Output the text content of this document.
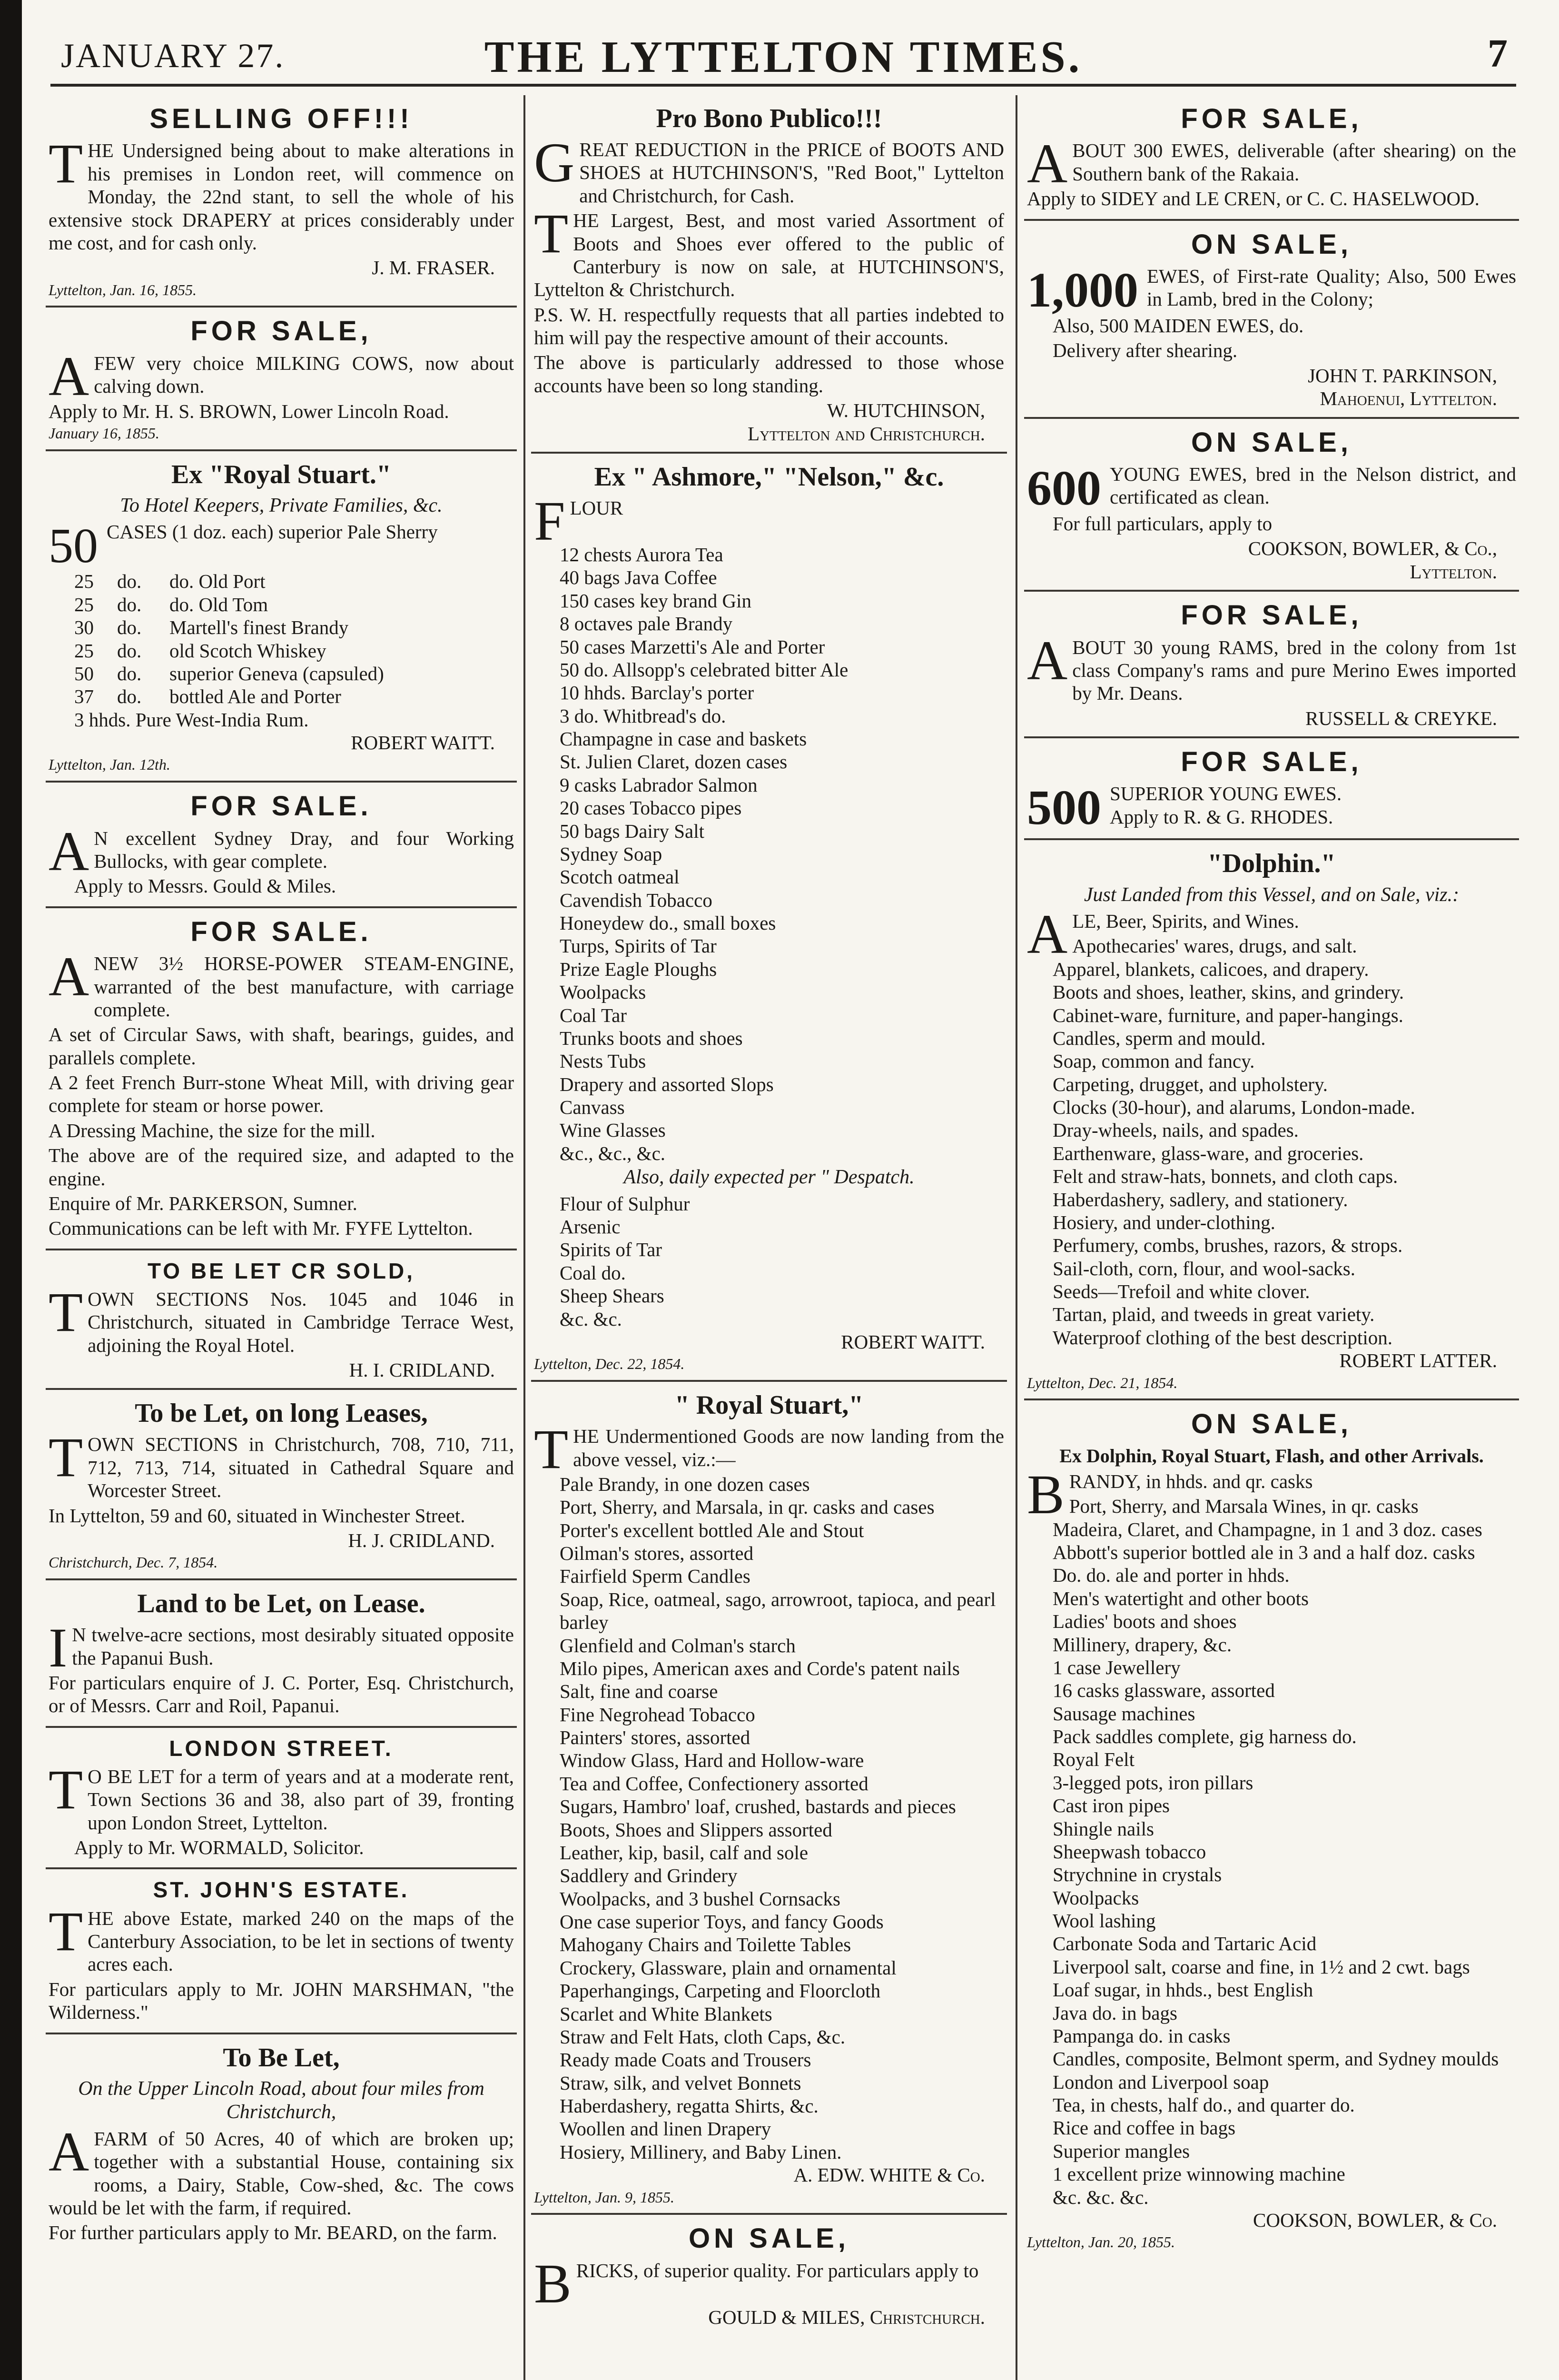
JANUARY 27.	THE LYTTELTON TIMES.	7
SELLING OFF!!!

THE Undersigned being about to make alterations in his premises in London reet, will commence on Monday, the 22nd stant, to sell the whole of his extensive stock DRAPERY at prices considerably under me cost, and for cash only.

J. M. FRASER.
Lyttelton, Jan. 16, 1855.
FOR SALE,

AFEW very choice MILKING COWS, now about calving down.

Apply to Mr. H. S. BROWN, Lower Lincoln Road.

January 16, 1855.
Ex "Royal Stuart."
To Hotel Keepers, Private Families, &c.

50 CASES (1 doz. each) superior Pale Sherry

25	do.	do. Old Port
25	do.	do. Old Tom
30	do.	Martell's finest Brandy
25	do.	old Scotch Whiskey
50	do.	superior Geneva (capsuled)
37	do.	bottled Ale and Porter
3 hhds. Pure West-India Rum.
ROBERT WAITT.
Lyttelton, Jan. 12th.
FOR SALE.

A N excellent Sydney Dray, and four Working Bullocks, with gear complete.

Apply to Messrs. Gould & Miles.

FOR SALE.

ANEW 3½ HORSE-POWER STEAM-ENGINE, warranted of the best manufacture, with carriage complete.

A set of Circular Saws, with shaft, bearings, guides, and parallels complete.

A 2 feet French Burr-stone Wheat Mill, with driving gear complete for steam or horse power.

A Dressing Machine, the size for the mill.

The above are of the required size, and adapted to the engine.

Enquire of Mr. PARKERSON, Sumner.

Communications can be left with Mr. FYFE Lyttelton.

TO BE LET CR SOLD,

TOWN SECTIONS Nos. 1045 and 1046 in Christchurch, situated in Cambridge Terrace West, adjoining the Royal Hotel.

H. I. CRIDLAND.
To be Let, on long Leases,

TOWN SECTIONS in Christchurch, 708, 710, 711, 712, 713, 714, situated in Cathedral Square and Worcester Street.

In Lyttelton, 59 and 60, situated in Winchester Street.

H. J. CRIDLAND.
Christchurch, Dec. 7, 1854.
Land to be Let, on Lease.

I N twelve-acre sections, most desirably situated opposite the Papanui Bush.

For particulars enquire of J. C. Porter, Esq. Christchurch, or of Messrs. Carr and Roil, Papanui.

LONDON STREET.

T O BE LET for a term of years and at a moderate rent, Town Sections 36 and 38, also part of 39, fronting upon London Street, Lyttelton.

Apply to Mr. WORMALD, Solicitor.

ST. JOHN'S ESTATE.

THE above Estate, marked 240 on the maps of the Canterbury Association, to be let in sections of twenty acres each.

For particulars apply to Mr. JOHN MARSHMAN, "the Wilderness."

To Be Let,
On the Upper Lincoln Road, about four miles from Christchurch,

AFARM of 50 Acres, 40 of which are broken up; together with a substantial House, containing six rooms, a Dairy, Stable, Cow-shed, &c. The cows would be let with the farm, if required.

For further particulars apply to Mr. BEARD, on the farm.

Pro Bono Publico!!!

GREAT REDUCTION in the PRICE of BOOTS AND SHOES at HUTCHINSON'S, "Red Boot," Lyttelton and Christchurch, for Cash.

THE Largest, Best, and most varied Assortment of Boots and Shoes ever offered to the public of Canterbury is now on sale, at HUTCHINSON'S, Lyttelton & Christchurch.

P.S. W. H. respectfully requests that all parties indebted to him will pay the respective amount of their accounts.

The above is particularly addressed to those whose accounts have been so long standing.

W. HUTCHINSON,
Lyttelton and Christchurch.
Ex " Ashmore," "Nelson," &c.

FLOUR

12 chests Aurora Tea
40 bags Java Coffee
150 cases key brand Gin
8 octaves pale Brandy
50 cases Marzetti's Ale and Porter
50 do. Allsopp's celebrated bitter Ale
10 hhds. Barclay's porter
3 do. Whitbread's do.
Champagne in case and baskets
St. Julien Claret, dozen cases
9 casks Labrador Salmon
20 cases Tobacco pipes
50 bags Dairy Salt
Sydney Soap
Scotch oatmeal
Cavendish Tobacco
Honeydew do., small boxes
Turps, Spirits of Tar
Prize Eagle Ploughs
Woolpacks
Coal Tar
Trunks boots and shoes
Nests Tubs
Drapery and assorted Slops
Canvass
Wine Glasses
&c., &c., &c.
Also, daily expected per " Despatch.
Flour of Sulphur
Arsenic
Spirits of Tar
Coal do.
Sheep Shears
&c. &c.
ROBERT WAITT.
Lyttelton, Dec. 22, 1854.
" Royal Stuart,"

THE Undermentioned Goods are now landing from the above vessel, viz.:—

Pale Brandy, in one dozen cases
Port, Sherry, and Marsala, in qr. casks and cases
Porter's excellent bottled Ale and Stout
Oilman's stores, assorted
Fairfield Sperm Candles
Soap, Rice, oatmeal, sago, arrowroot, tapioca, and pearl barley
Glenfield and Colman's starch
Milo pipes, American axes and Corde's patent nails
Salt, fine and coarse
Fine Negrohead Tobacco
Painters' stores, assorted
Window Glass, Hard and Hollow-ware
Tea and Coffee, Confectionery assorted
Sugars, Hambro' loaf, crushed, bastards and pieces
Boots, Shoes and Slippers assorted
Leather, kip, basil, calf and sole
Saddlery and Grindery
Woolpacks, and 3 bushel Cornsacks
One case superior Toys, and fancy Goods
Mahogany Chairs and Toilette Tables
Crockery, Glassware, plain and ornamental
Paperhangings, Carpeting and Floorcloth
Scarlet and White Blankets
Straw and Felt Hats, cloth Caps, &c.
Ready made Coats and Trousers
Straw, silk, and velvet Bonnets
Haberdashery, regatta Shirts, &c.
Woollen and linen Drapery
Hosiery, Millinery, and Baby Linen.
A. EDW. WHITE & Co.
Lyttelton, Jan. 9, 1855.
ON SALE,

BRICKS, of superior quality. For particulars apply to

GOULD & MILES, Christchurch.
FOR SALE,

ABOUT 300 EWES, deliverable (after shearing) on the Southern bank of the Rakaia.

Apply to SIDEY and LE CREN, or C. C. HASELWOOD.

ON SALE,

1,000 EWES, of First-rate Quality; Also, 500 Ewes in Lamb, bred in the Colony;

Also, 500 MAIDEN EWES, do.

Delivery after shearing.

JOHN T. PARKINSON,
Mahoenui, Lyttelton.
ON SALE,

600 YOUNG EWES, bred in the Nelson district, and certificated as clean.

For full particulars, apply to

COOKSON, BOWLER, & Co.,
Lyttelton.
FOR SALE,

ABOUT 30 young RAMS, bred in the colony from 1st class Company's rams and pure Merino Ewes imported by Mr. Deans.

RUSSELL & CREYKE.
FOR SALE,

500 SUPERIOR YOUNG EWES.
Apply to R. & G. RHODES.

"Dolphin."
Just Landed from this Vessel, and on Sale, viz.:

ALE, Beer, Spirits, and Wines.

Apothecaries' wares, drugs, and salt.
Apparel, blankets, calicoes, and drapery.
Boots and shoes, leather, skins, and grindery.
Cabinet-ware, furniture, and paper-hangings.
Candles, sperm and mould.
Soap, common and fancy.
Carpeting, drugget, and upholstery.
Clocks (30-hour), and alarums, London-made.
Dray-wheels, nails, and spades.
Earthenware, glass-ware, and groceries.
Felt and straw-hats, bonnets, and cloth caps.
Haberdashery, sadlery, and stationery.
Hosiery, and under-clothing.
Perfumery, combs, brushes, razors, & strops.
Sail-cloth, corn, flour, and wool-sacks.
Seeds—Trefoil and white clover.
Tartan, plaid, and tweeds in great variety.
Waterproof clothing of the best description.
ROBERT LATTER.
Lyttelton, Dec. 21, 1854.
ON SALE,
Ex Dolphin, Royal Stuart, Flash, and other Arrivals.

BRANDY, in hhds. and qr. casks

Port, Sherry, and Marsala Wines, in qr. casks
Madeira, Claret, and Champagne, in 1 and 3 doz. cases
Abbott's superior bottled ale in 3 and a half doz. casks
Do. do. ale and porter in hhds.
Men's watertight and other boots
Ladies' boots and shoes
Millinery, drapery, &c.
1 case Jewellery
16 casks glassware, assorted
Sausage machines
Pack saddles complete, gig harness do.
Royal Felt
3-legged pots, iron pillars
Cast iron pipes
Shingle nails
Sheepwash tobacco
Strychnine in crystals
Woolpacks
Wool lashing
Carbonate Soda and Tartaric Acid
Liverpool salt, coarse and fine, in 1½ and 2 cwt. bags
Loaf sugar, in hhds., best English
Java do. in bags
Pampanga do. in casks
Candles, composite, Belmont sperm, and Sydney moulds
London and Liverpool soap
Tea, in chests, half do., and quarter do.
Rice and coffee in bags
Superior mangles
1 excellent prize winnowing machine
&c. &c. &c.
COOKSON, BOWLER, & Co.
Lyttelton, Jan. 20, 1855.
